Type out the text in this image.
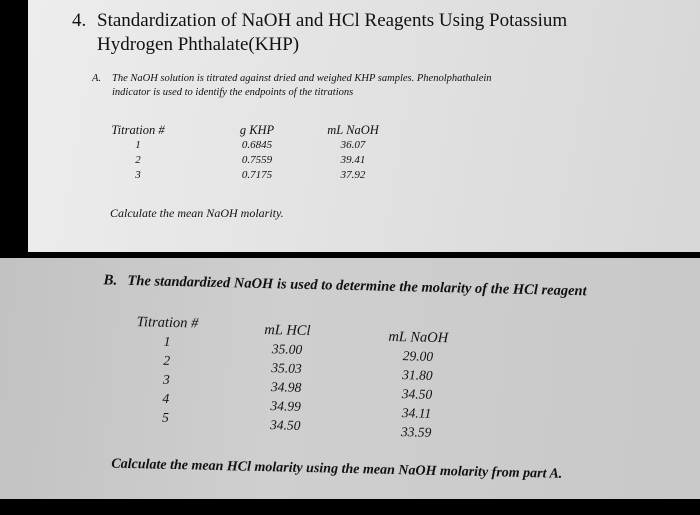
4. Standardization of NaOH and HCl Reagents Using Potassium
Hydrogen Phthalate(KHP)
A. The NaOH solution is titrated against dried and weighed KHP samples. Phenolphathalein
indicator is used to identify the endpoints of the titrations
Titration #
1
2
3
g KHP
0.6845
0.7559
0.7175
mL NaOH
36.07
39.41
37.92
Calculate the mean NaOH molarity.
B. The standardized NaOH is used to determine the molarity of the HCl reagent
Titration #
1
2
3
4
5
mL HCl
35.00
35.03
34.98
34.99
34.50
mL NaOH
29.00
31.80
34.50
34.11
33.59
Calculate the mean HCl molarity using the mean NaOH molarity from part A.
